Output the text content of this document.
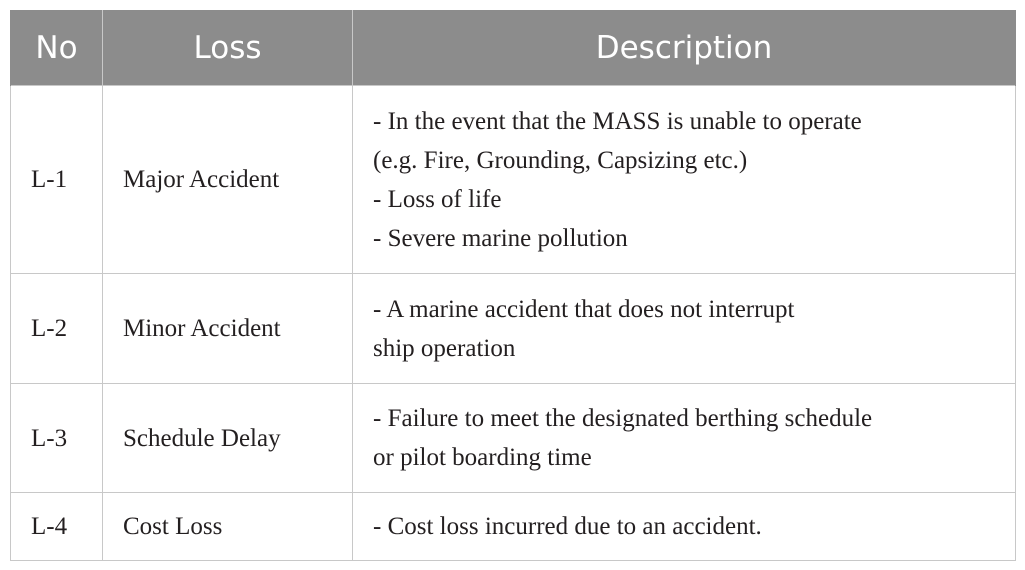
No	Loss	Description
L-1	Major Accident	- In the event that the MASS is unable to operate
(e.g. Fire, Grounding, Capsizing etc.)
- Loss of life
- Severe marine pollution

L-2	Minor Accident	- A marine accident that does not interrupt
ship operation

L-3	Schedule Delay	- Failure to meet the designated berthing schedule
or pilot boarding time

L-4	Cost Loss	- Cost loss incurred due to an accident.
